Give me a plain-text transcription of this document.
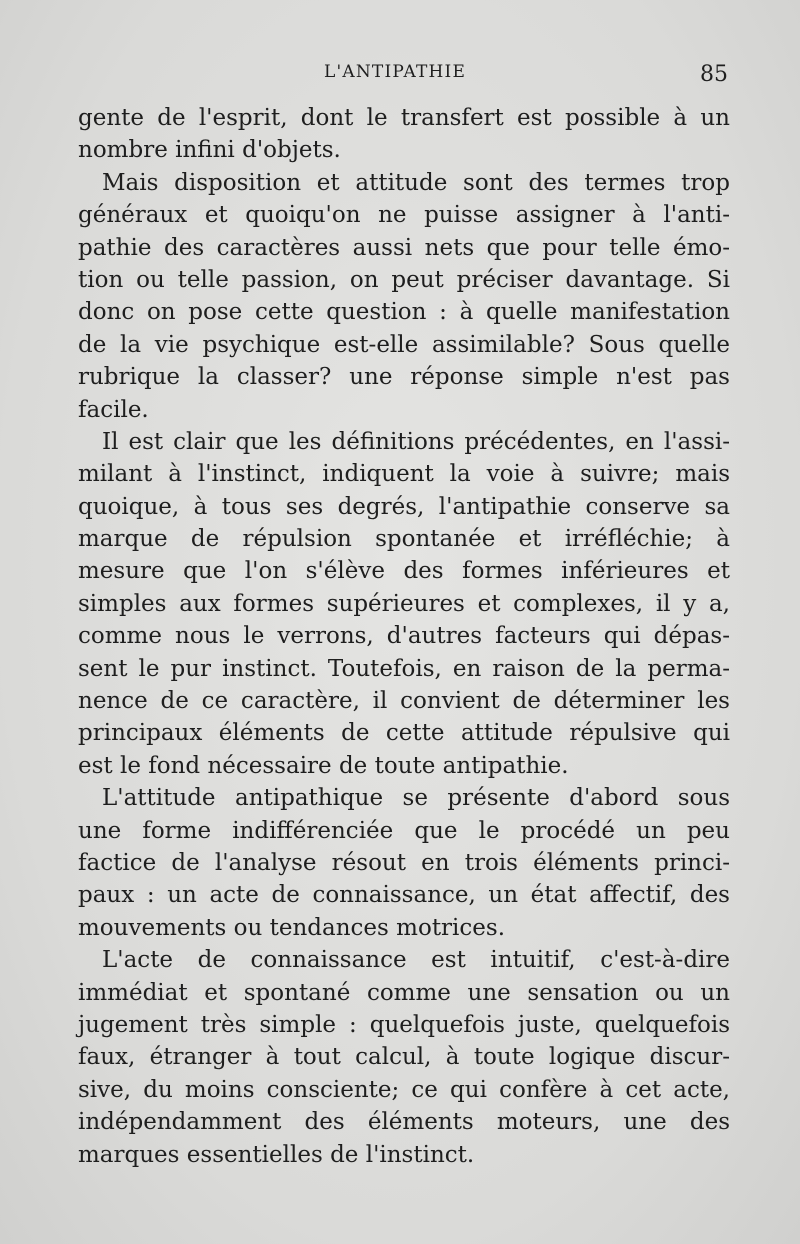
L'ANTIPATHIE	85
gente de l'esprit, dont le transfert est possible à un
nombre infini d'objets.
Mais disposition et attitude sont des termes trop
généraux et quoiqu'on ne puisse assigner à l'anti-
pathie des caractères aussi nets que pour telle émo-
tion ou telle passion, on peut préciser davantage. Si
donc on pose cette question : à quelle manifestation
de la vie psychique est-elle assimilable? Sous quelle
rubrique la classer? une réponse simple n'est pas
facile.
Il est clair que les définitions précédentes, en l'assi-
milant à l'instinct, indiquent la voie à suivre; mais
quoique, à tous ses degrés, l'antipathie conserve sa
marque de répulsion spontanée et irréfléchie; à
mesure que l'on s'élève des formes inférieures et
simples aux formes supérieures et complexes, il y a,
comme nous le verrons, d'autres facteurs qui dépas-
sent le pur instinct. Toutefois, en raison de la perma-
nence de ce caractère, il convient de déterminer les
principaux éléments de cette attitude répulsive qui
est le fond nécessaire de toute antipathie.
L'attitude antipathique se présente d'abord sous
une forme indifférenciée que le procédé un peu
factice de l'analyse résout en trois éléments princi-
paux : un acte de connaissance, un état affectif, des
mouvements ou tendances motrices.
L'acte de connaissance est intuitif, c'est-à-dire
immédiat et spontané comme une sensation ou un
jugement très simple : quelquefois juste, quelquefois
faux, étranger à tout calcul, à toute logique discur-
sive, du moins consciente; ce qui confère à cet acte,
indépendamment des éléments moteurs, une des
marques essentielles de l'instinct.
